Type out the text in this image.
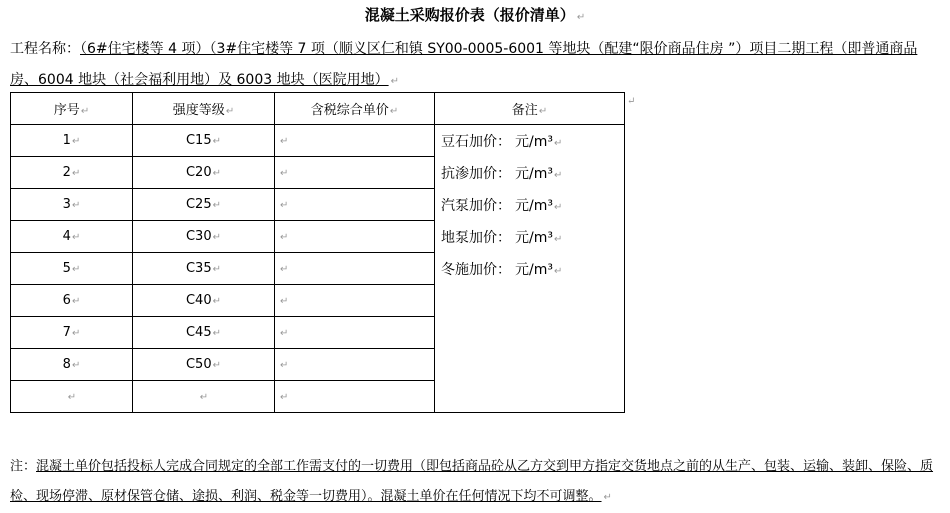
混凝土采购报价表（报价清单） ↵
工程名称：（6#住宅楼等 4 项）（3#住宅楼等 7 项（顺义区仁和镇 SY00-0005-6001 等地块（配建“限价商品住房 ”）项目二期工程（即普通商品房、6004 地块（社会福利用地）及 6003 地块（医院用地） ↵
序号↵	强度等级↵	含税综合单价↵	备注↵
1↵	C15↵	↵	豆石加价： 元/m³↵
抗渗加价： 元/m³↵
汽泵加价： 元/m³↵
地泵加价： 元/m³↵
冬施加价： 元/m³↵

2↵	C20↵	↵	
3↵	C25↵	↵	
4↵	C30↵	↵	
5↵	C35↵	↵	
6↵	C40↵	↵	
7↵	C45↵	↵	
8↵	C50↵	↵	
↵	↵	↵	
↵
注：混凝土单价包括投标人完成合同规定的全部工作需支付的一切费用（即包括商品砼从乙方交到甲方指定交货地点之前的从生产、包装、运输、装卸、保险、质检、现场停滞、原材保管仓储、途损、利润、税金等一切费用）。混凝土单价在任何情况下均不可调整。 ↵
